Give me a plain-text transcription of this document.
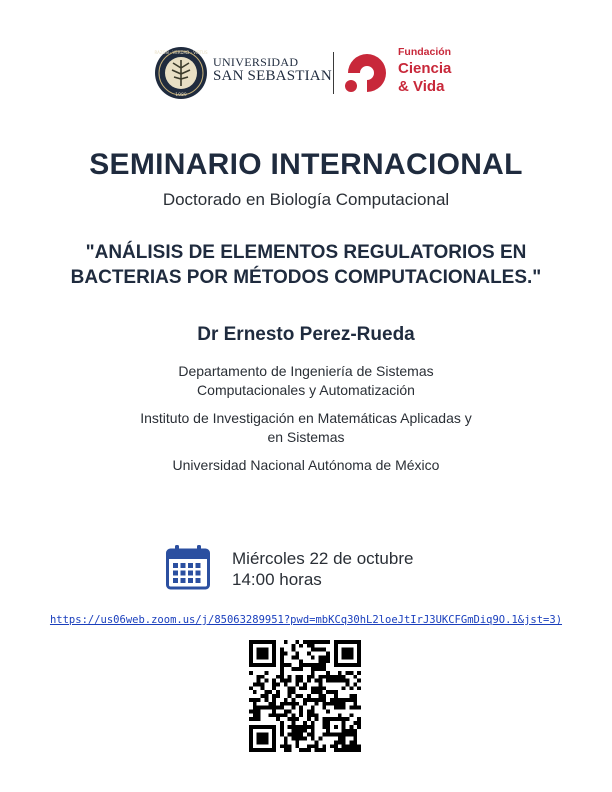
RAZON · VERDAD · VIRTUS
1989
UNIVERSIDAD
SAN SEBASTIAN
Fundación
Ciencia
& Vida
SEMINARIO INTERNACIONAL
Doctorado en Biología Computacional
"ANÁLISIS DE ELEMENTOS REGULATORIOS EN
BACTERIAS POR MÉTODOS COMPUTACIONALES."
Dr Ernesto Perez-Rueda
Departamento de Ingeniería de Sistemas
Computacionales y Automatización
Instituto de Investigación en Matemáticas Aplicadas y
en Sistemas
Universidad Nacional Autónoma de México
Miércoles 22 de octubre
14:00 horas
https://us06web.zoom.us/j/85063289951?pwd=mbKCq30hL2loeJtIrJ3UKCFGmDiq9O.1&jst=3)
